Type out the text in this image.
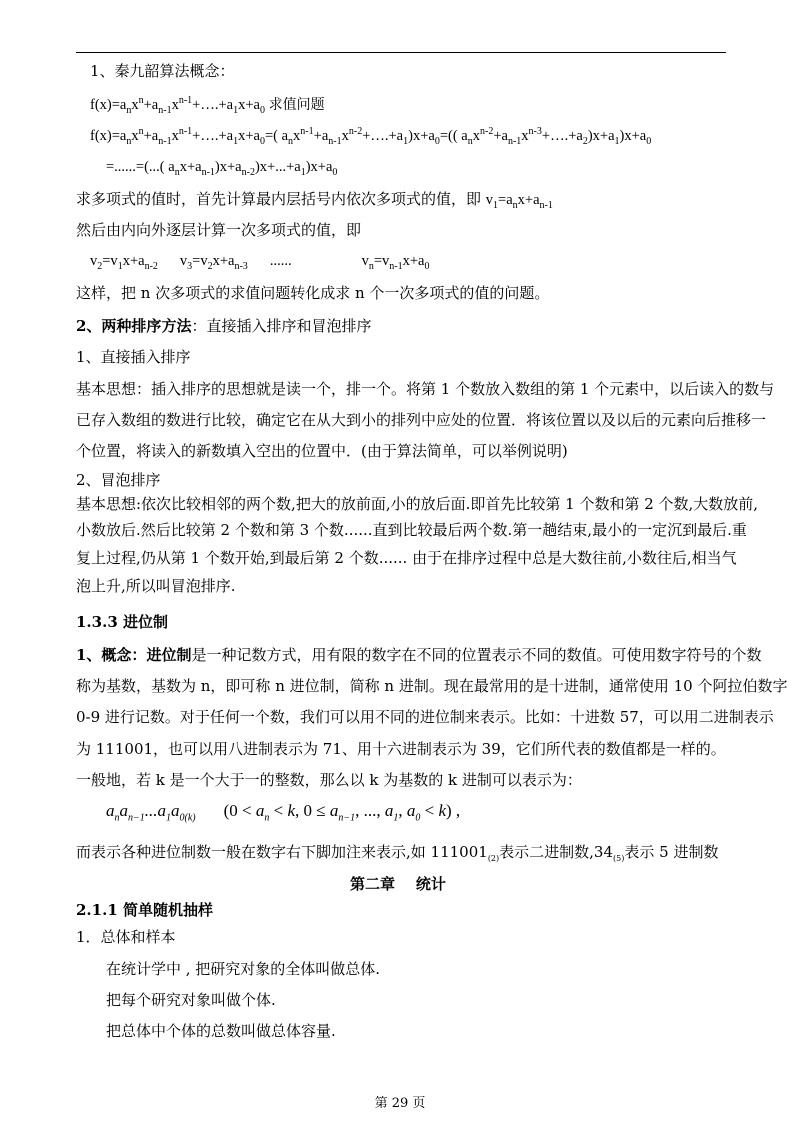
1、秦九韶算法概念：
$f(x)=a_nx^n+a_{n-1}x^{n-1}+\dots.+a_1x+a_0$ 求值问题
$f(x)=a_nx^n+a_{n-1}x^{n-1}+\dots.+a_1x+a_0=$( $a_nx^{n-1}+a_{n-1}x^{n-2}+\dots.+a_1)x+a_0=$(( $a_nx^{n-2}+a_{n-1}x^{n-3}+\dots.+a_2)x+a_1)x+a_0$
=......=(...( $a_nx+a_{n-1})x+a_{n-2})x+...+a_1)x+a_0$
求多项式的值时，首先计算最内层括号内依次多项式的值，即 $v_1=a_nx+a_{n-1}$
然后由内向外逐层计算一次多项式的值，即
$v_2=v_1x+a_{n-2}$ $v_3=v_2x+a_{n-3}$ ......	$v_n=v_{n-1}x+a_0$
这样，把 n 次多项式的求值问题转化成求 n 个一次多项式的值的问题。
2、两种排序方法：直接插入排序和冒泡排序
1、直接插入排序
基本思想：插入排序的思想就是读一个，排一个。将第 1 个数放入数组的第 1 个元素中，以后读入的数与
已存入数组的数进行比较，确定它在从大到小的排列中应处的位置．将该位置以及以后的元素向后推移一
个位置，将读入的新数填入空出的位置中．(由于算法简单，可以举例说明)
2、冒泡排序
基本思想:依次比较相邻的两个数,把大的放前面,小的放后面.即首先比较第 1 个数和第 2 个数,大数放前,
小数放后.然后比较第 2 个数和第 3 个数......直到比较最后两个数.第一趟结束,最小的一定沉到最后.重
复上过程,仍从第 1 个数开始,到最后第 2 个数...... 由于在排序过程中总是大数往前,小数往后,相当气
泡上升,所以叫冒泡排序.
1.3.3 进位制
1、概念：进位制是一种记数方式，用有限的数字在不同的位置表示不同的数值。可使用数字符号的个数
称为基数，基数为 n，即可称 n 进位制，简称 n 进制。现在最常用的是十进制，通常使用 10 个阿拉伯数字
0-9 进行记数。对于任何一个数，我们可以用不同的进位制来表示。比如：十进数 57，可以用二进制表示
为 111001，也可以用八进制表示为 71、用十六进制表示为 39，它们所代表的数值都是一样的。
一般地，若 k 是一个大于一的整数，那么以 k 为基数的 k 进制可以表示为：
$a_na_{n-1}...a_1a_{0(k)}$ ($0 < a_n < k$, $0 \le a_{n-1}$, ..., $a_1$, $a_0 < k$) ,
而表示各种进位制数一般在数字右下脚加注来表示,如 $111001_{(2)}$表示二进制数$,34_{(5)}$表示 5 进制数
第二章    统计
2.1.1 简单随机抽样
1．总体和样本
在统计学中 , 把研究对象的全体叫做总体.
把每个研究对象叫做个体.
把总体中个体的总数叫做总体容量.
第 29 页
